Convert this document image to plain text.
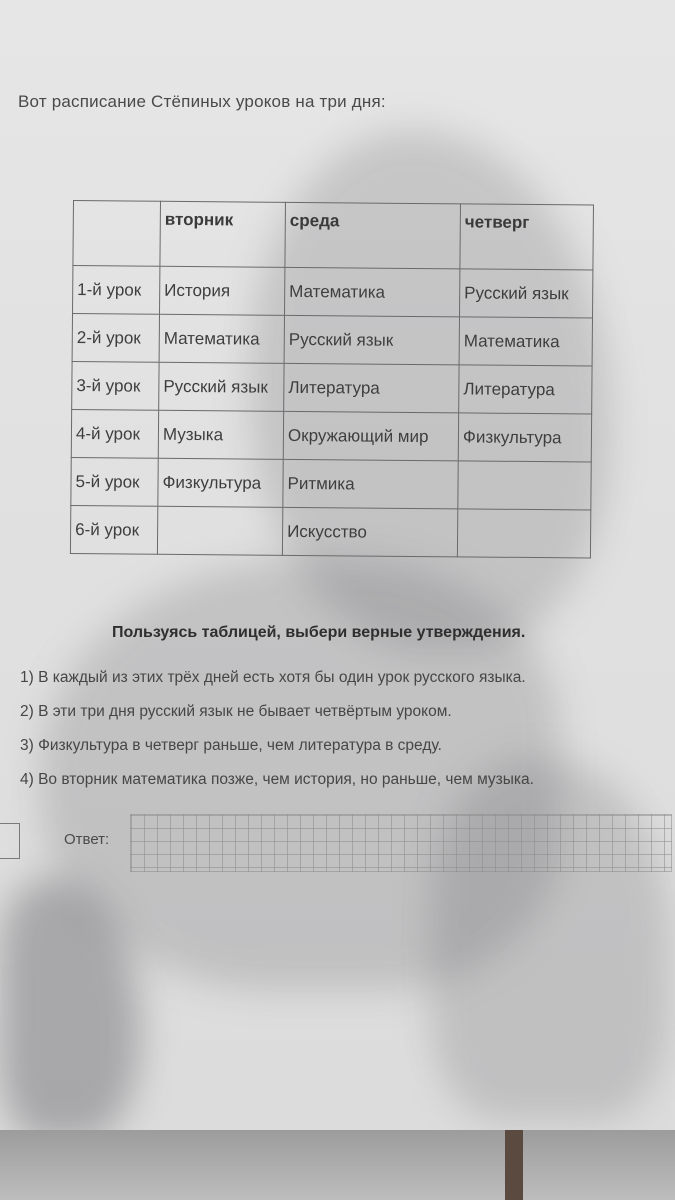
Вот расписание Стёпиных уроков на три дня:
	вторник	среда	четверг
1-й урок	История	Математика	Русский язык
2-й урок	Математика	Русский язык	Математика
3-й урок	Русский язык	Литература	Литература
4-й урок	Музыка	Окружающий мир	Физкультура
5-й урок	Физкультура	Ритмика	
6-й урок		Искусство	
Пользуясь таблицей, выбери верные утверждения.
1) В каждый из этих трёх дней есть хотя бы один урок русского языка.
2) В эти три дня русский язык не бывает четвёртым уроком.
3) Физкультура в четверг раньше, чем литература в среду.
4) Во вторник математика позже, чем история, но раньше, чем музыка.
Ответ:
